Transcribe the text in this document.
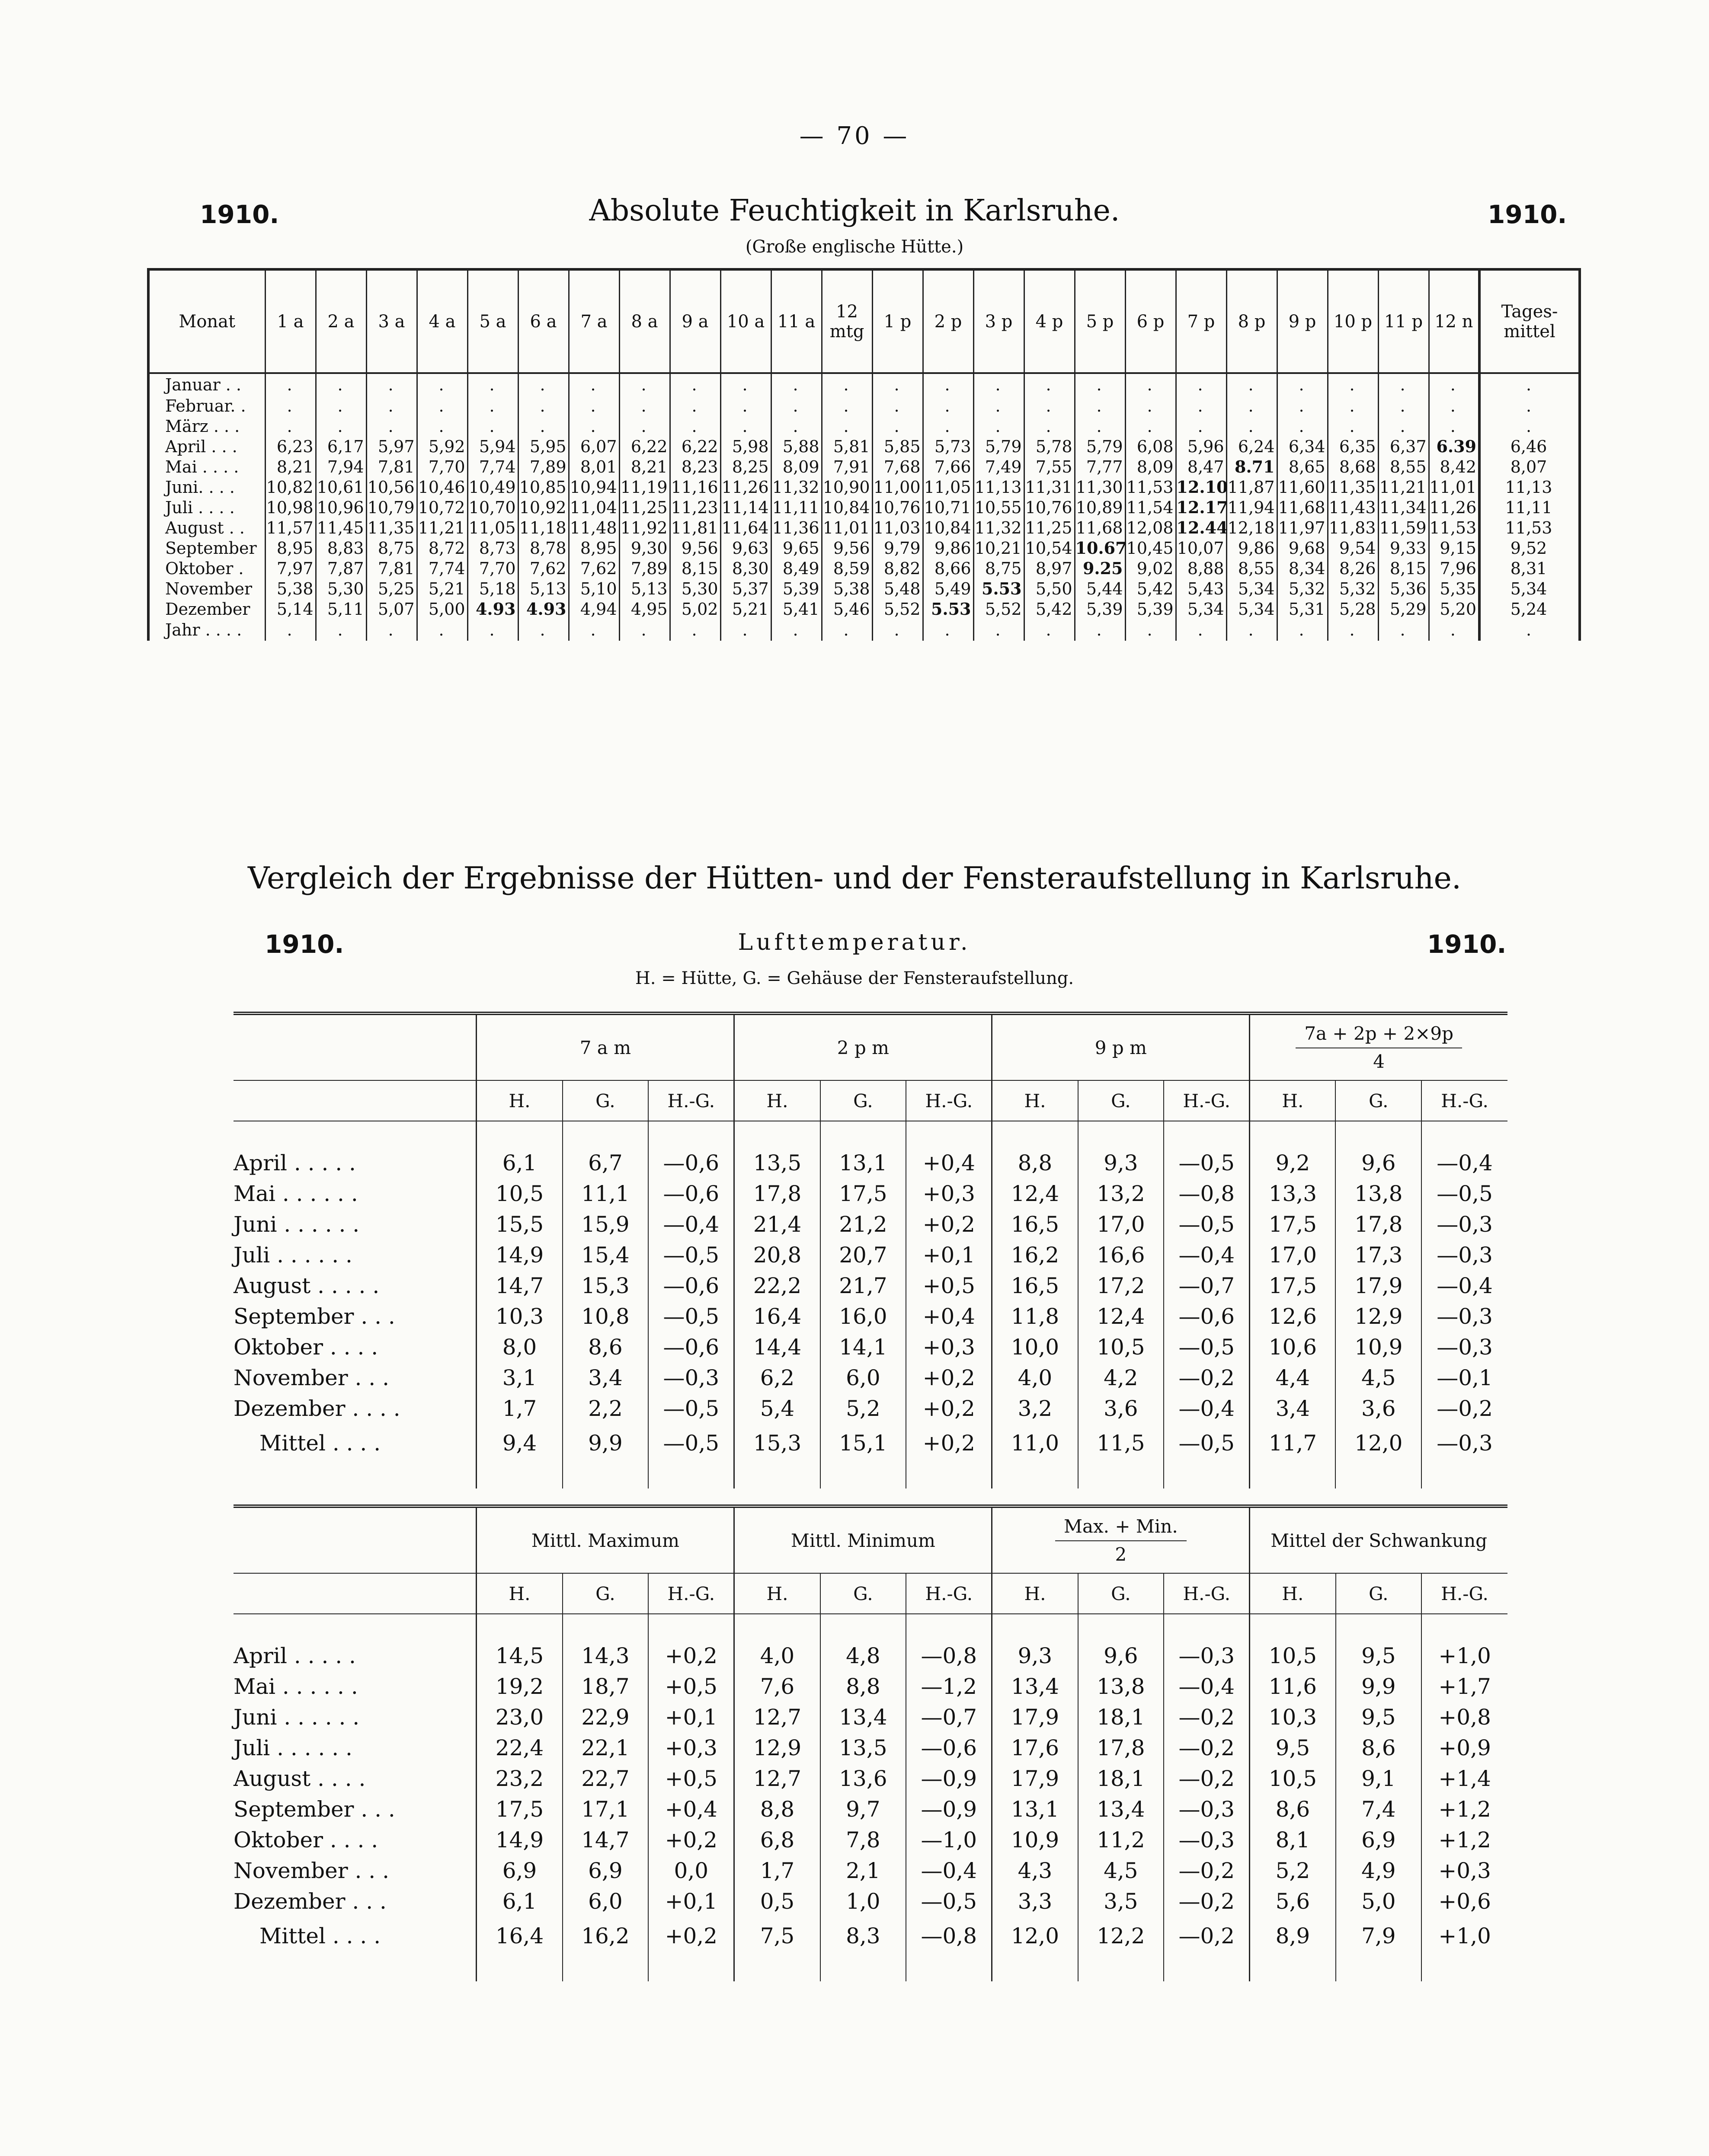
— 70 —
1910.	1910.
Absolute Feuchtigkeit in Karlsruhe.
(Große englische Hütte.)
Monat	1 a	2 a	3 a	4 a	5 a	6 a	7 a	8 a	9 a	10 a	11 a	12 mtg	1 p	2 p	3 p	4 p	5 p	6 p	7 p	8 p	9 p	10 p	11 p	12 n	Tages-mittel
Januar . .	.	.	.	.	.	.	.	.	.	.	.	.	.	.	.	.	.	.	.	.	.	.	.	.	.
Februar. .	.	.	.	.	.	.	.	.	.	.	.	.	.	.	.	.	.	.	.	.	.	.	.	.	.
März . . .	.	.	.	.	.	.	.	.	.	.	.	.	.	.	.	.	.	.	.	.	.	.	.	.	.
April . . .	6,23	6,17	5,97	5,92	5,94	5,95	6,07	6,22	6,22	5,98	5,88	5,81	5,85	5,73	5,79	5,78	5,79	6,08	5,96	6,24	6,34	6,35	6,37	6.39	6,46
Mai . . . .	8,21	7,94	7,81	7,70	7,74	7,89	8,01	8,21	8,23	8,25	8,09	7,91	7,68	7,66	7,49	7,55	7,77	8,09	8,47	8.71	8,65	8,68	8,55	8,42	8,07
Juni. . . .	10,82	10,61	10,56	10,46	10,49	10,85	10,94	11,19	11,16	11,26	11,32	10,90	11,00	11,05	11,13	11,31	11,30	11,53	12.10	11,87	11,60	11,35	11,21	11,01	11,13
Juli . . . .	10,98	10,96	10,79	10,72	10,70	10,92	11,04	11,25	11,23	11,14	11,11	10,84	10,76	10,71	10,55	10,76	10,89	11,54	12.17	11,94	11,68	11,43	11,34	11,26	11,11
August . .	11,57	11,45	11,35	11,21	11,05	11,18	11,48	11,92	11,81	11,64	11,36	11,01	11,03	10,84	11,32	11,25	11,68	12,08	12.44	12,18	11,97	11,83	11,59	11,53	11,53
September	8,95	8,83	8,75	8,72	8,73	8,78	8,95	9,30	9,56	9,63	9,65	9,56	9,79	9,86	10,21	10,54	10.67	10,45	10,07	9,86	9,68	9,54	9,33	9,15	9,52
Oktober .	7,97	7,87	7,81	7,74	7,70	7,62	7,62	7,89	8,15	8,30	8,49	8,59	8,82	8,66	8,75	8,97	9.25	9,02	8,88	8,55	8,34	8,26	8,15	7,96	8,31
November	5,38	5,30	5,25	5,21	5,18	5,13	5,10	5,13	5,30	5,37	5,39	5,38	5,48	5,49	5.53	5,50	5,44	5,42	5,43	5,34	5,32	5,32	5,36	5,35	5,34
Dezember	5,14	5,11	5,07	5,00	4.93	4.93	4,94	4,95	5,02	5,21	5,41	5,46	5,52	5.53	5,52	5,42	5,39	5,39	5,34	5,34	5,31	5,28	5,29	5,20	5,24
Jahr . . . .	.	.	.	.	.	.	.	.	.	.	.	.	.	.	.	.	.	.	.	.	.	.	.	.	.
Vergleich der Ergebnisse der Hütten- und der Fensteraufstellung in Karlsruhe.
1910.	1910.
Lufttemperatur.
H. = Hütte, G. = Gehäuse der Fensteraufstellung.
	7 a m			2 p m			9 p m			$\frac{7a + 2p + 2\times 9p}{4}$

	H.	G.	H.-G.	H.	G.	H.-G.	H.	G.	H.-G.	H.	G.	H.-G.

April . . . . .	6,1	6,7	—0,6	13,5	13,1	+0,4	8,8	9,3	—0,5	9,2	9,6	—0,4
Mai . . . . . .	10,5	11,1	—0,6	17,8	17,5	+0,3	12,4	13,2	—0,8	13,3	13,8	—0,5
Juni . . . . . .	15,5	15,9	—0,4	21,4	21,2	+0,2	16,5	17,0	—0,5	17,5	17,8	—0,3
Juli . . . . . .	14,9	15,4	—0,5	20,8	20,7	+0,1	16,2	16,6	—0,4	17,0	17,3	—0,3
August . . . . .	14,7	15,3	—0,6	22,2	21,7	+0,5	16,5	17,2	—0,7	17,5	17,9	—0,4
September . . .	10,3	10,8	—0,5	16,4	16,0	+0,4	11,8	12,4	—0,6	12,6	12,9	—0,3
Oktober . . . .	8,0	8,6	—0,6	14,4	14,1	+0,3	10,0	10,5	—0,5	10,6	10,9	—0,3
November . . .	3,1	3,4	—0,3	6,2	6,0	+0,2	4,0	4,2	—0,2	4,4	4,5	—0,1
Dezember . . . .	1,7	2,2	—0,5	5,4	5,2	+0,2	3,2	3,6	—0,4	3,4	3,6	—0,2
Mittel . . . .	9,4	9,9	—0,5	15,3	15,1	+0,2	11,0	11,5	—0,5	11,7	12,0	—0,3

	Mittl. Maximum			Mittl. Minimum			$\frac{\text{Max. + Min.}}{2}$			Mittel der Schwankung		
	H.	G.	H.-G.	H.	G.	H.-G.	H.	G.	H.-G.	H.	G.	H.-G.

April . . . . .	14,5	14,3	+0,2	4,0	4,8	—0,8	9,3	9,6	—0,3	10,5	9,5	+1,0
Mai . . . . . .	19,2	18,7	+0,5	7,6	8,8	—1,2	13,4	13,8	—0,4	11,6	9,9	+1,7
Juni . . . . . .	23,0	22,9	+0,1	12,7	13,4	—0,7	17,9	18,1	—0,2	10,3	9,5	+0,8
Juli . . . . . .	22,4	22,1	+0,3	12,9	13,5	—0,6	17,6	17,8	—0,2	9,5	8,6	+0,9
August . . . .	23,2	22,7	+0,5	12,7	13,6	—0,9	17,9	18,1	—0,2	10,5	9,1	+1,4
September . . .	17,5	17,1	+0,4	8,8	9,7	—0,9	13,1	13,4	—0,3	8,6	7,4	+1,2
Oktober . . . .	14,9	14,7	+0,2	6,8	7,8	—1,0	10,9	11,2	—0,3	8,1	6,9	+1,2
November . . .	6,9	6,9	0,0	1,7	2,1	—0,4	4,3	4,5	—0,2	5,2	4,9	+0,3
Dezember . . .	6,1	6,0	+0,1	0,5	1,0	—0,5	3,3	3,5	—0,2	5,6	5,0	+0,6
Mittel . . . .	16,4	16,2	+0,2	7,5	8,3	—0,8	12,0	12,2	—0,2	8,9	7,9	+1,0
